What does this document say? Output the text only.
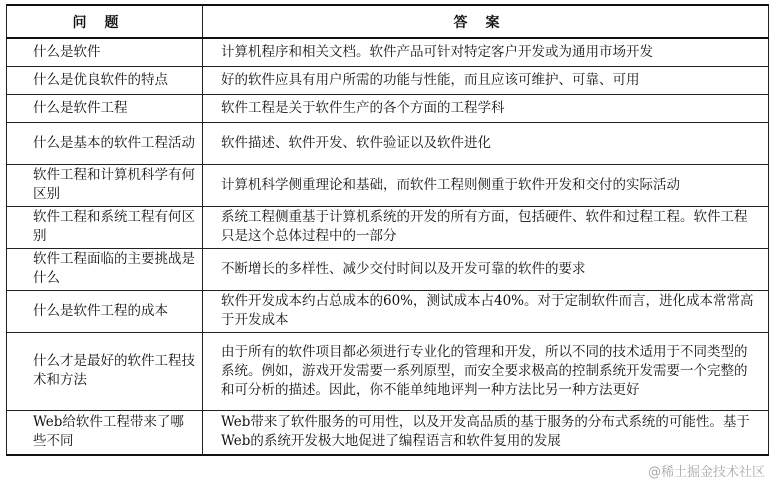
问题	答案
什么是软件	计算机程序和相关文档。软件产品可针对特定客户开发或为通用市场开发
什么是优良软件的特点	好的软件应具有用户所需的功能与性能，而且应该可维护、可靠、可用
什么是软件工程	软件工程是关于软件生产的各个方面的工程学科
什么是基本的软件工程活动	软件描述、软件开发、软件验证以及软件进化
软件工程和计算机科学有何区别	计算机科学侧重理论和基础，而软件工程则侧重于软件开发和交付的实际活动
软件工程和系统工程有何区别	系统工程侧重基于计算机系统的开发的所有方面，包括硬件、软件和过程工程。软件工程只是这个总体过程中的一部分
软件工程面临的主要挑战是什么	不断增长的多样性、减少交付时间以及开发可靠的软件的要求
什么是软件工程的成本	软件开发成本约占总成本的60%，测试成本占40%。对于定制软件而言，进化成本常常高于开发成本
什么才是最好的软件工程技术和方法	由于所有的软件项目都必须进行专业化的管理和开发，所以不同的技术适用于不同类型的系统。例如，游戏开发需要一系列原型，而安全要求极高的控制系统开发需要一个完整的和可分析的描述。因此，你不能单纯地评判一种方法比另一种方法更好
Web给软件工程带来了哪些不同	Web带来了软件服务的可用性，以及开发高品质的基于服务的分布式系统的可能性。基于Web的系统开发极大地促进了编程语言和软件复用的发展
@稀土掘金技术社区
